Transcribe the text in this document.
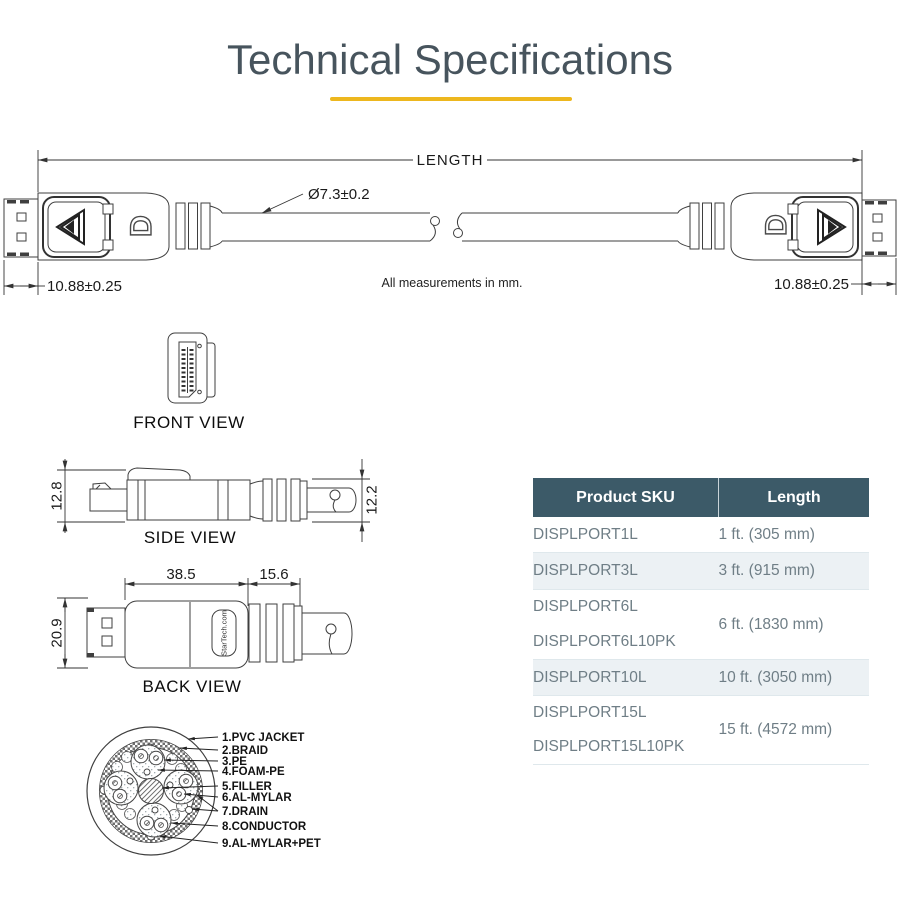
Technical Specifications
D	D
LENGTH
Ø7.3±0.2
10.88±0.25	10.88±0.25
All measurements in mm.
FRONT VIEW
12.8	12.2
SIDE VIEW
38.5	15.6
20.9	StarTech.com
BACK VIEW
1.PVC JACKET
2.BRAID
3.PE
4.FOAM-PE
5.FILLER
6.AL-MYLAR
7.DRAIN
8.CONDUCTOR
9.AL-MYLAR+PET
Product SKU	Length
DISPLPORT1L	1 ft. (305 mm)
DISPLPORT3L	3 ft. (915 mm)
DISPLPORT6L	6 ft. (1830 mm)
DISPLPORT6L10PK	
DISPLPORT10L	10 ft. (3050 mm)
DISPLPORT15L	15 ft. (4572 mm)
DISPLPORT15L10PK	
